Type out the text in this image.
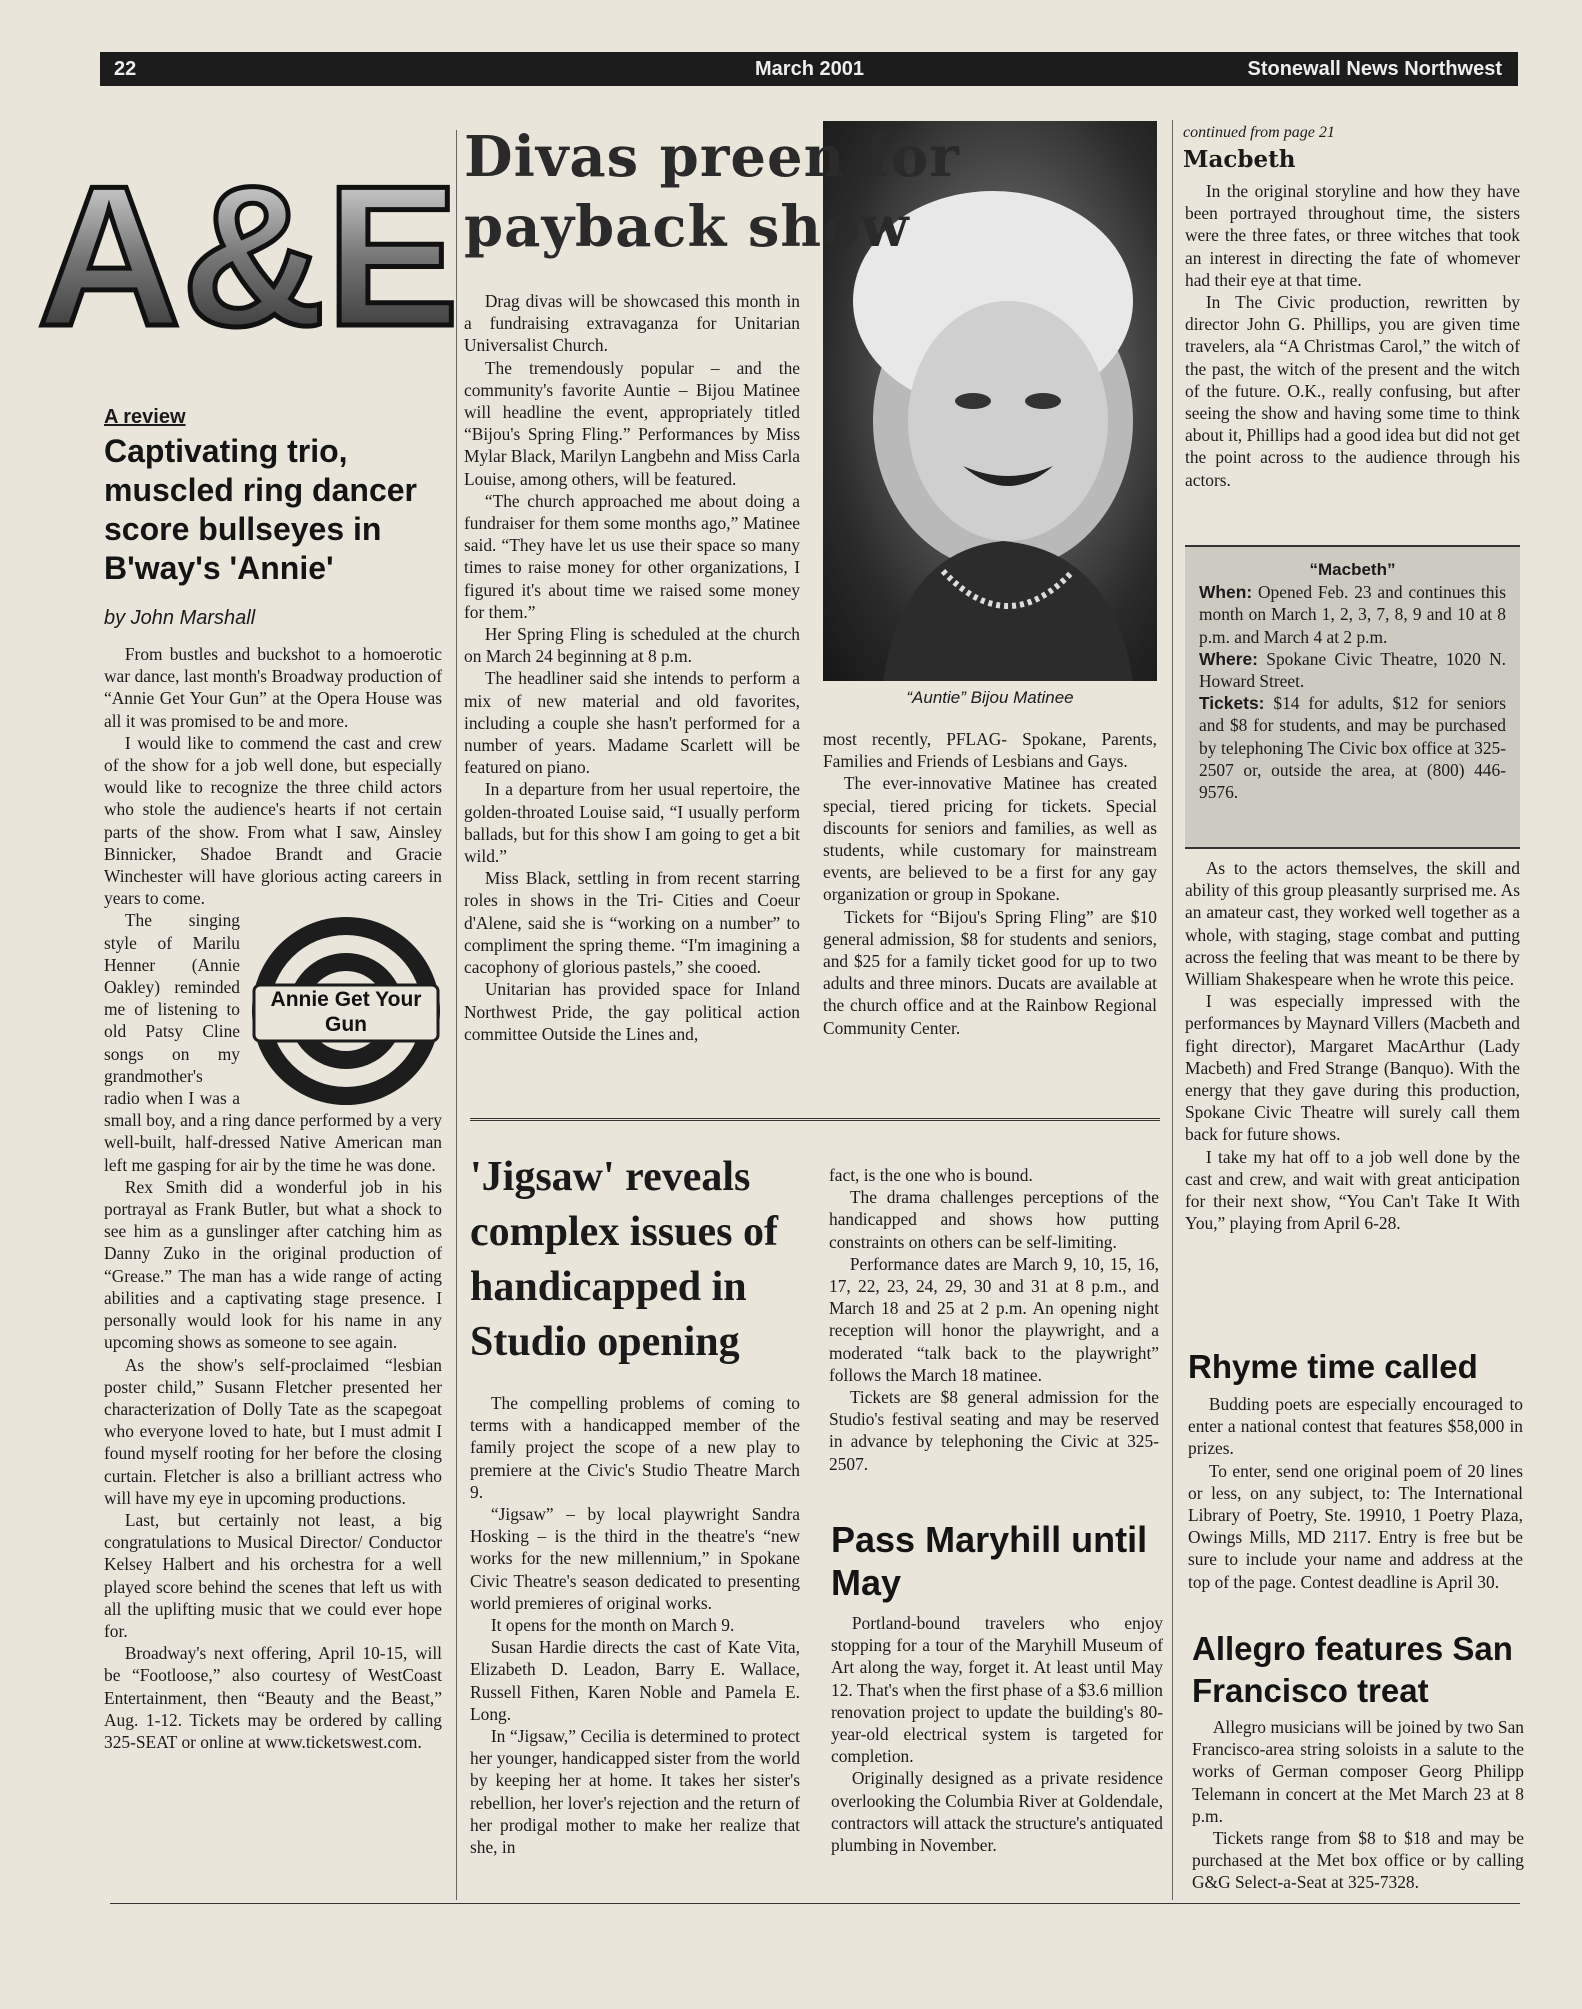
22	March 2001	Stonewall News Northwest
A&E
A review
Captivating trio, muscled ring dancer score bullseyes in B'way's 'Annie'
by John Marshall

From bustles and buckshot to a homoerotic war dance, last month's Broadway production of “Annie Get Your Gun” at the Opera House was all it was promised to be and more.

I would like to commend the cast and crew of the show for a job well done, but especially would like to recognize the three child actors who stole the audience's hearts if not certain parts of the show. From what I saw, Ainsley Binnicker, Shadoe Brandt and Gracie Winchester will have glorious acting careers in years to come.

Annie Get Your Gun

The singing style of Marilu Henner (Annie Oakley) reminded me of listening to old Patsy Cline songs on my grandmother's radio when I was a small boy, and a ring dance performed by a very well-built, half-dressed Native American man left me gasping for air by the time he was done.

Rex Smith did a wonderful job in his portrayal as Frank Butler, but what a shock to see him as a gunslinger after catching him as Danny Zuko in the original production of “Grease.” The man has a wide range of acting abilities and a captivating stage presence. I personally would look for his name in any upcoming shows as someone to see again.

As the show's self-proclaimed “lesbian poster child,” Susann Fletcher presented her characterization of Dolly Tate as the scapegoat who everyone loved to hate, but I must admit I found myself rooting for her before the closing curtain. Fletcher is also a brilliant actress who will have my eye in upcoming productions.

Last, but certainly not least, a big congratulations to Musical Director/ Conductor Kelsey Halbert and his orchestra for a well played score behind the scenes that left us with all the uplifting music that we could ever hope for.

Broadway's next offering, April 10-15, will be “Footloose,” also courtesy of WestCoast Entertainment, then “Beauty and the Beast,” Aug. 1-12. Tickets may be ordered by calling 325-SEAT or online at www.ticketswest.com.

Divas preen for payback show
“Auntie” Bijou Matinee

Drag divas will be showcased this month in a fundraising extravaganza for Unitarian Universalist Church.

The tremendously popular – and the community's favorite Auntie – Bijou Matinee will headline the event, appropriately titled “Bijou's Spring Fling.” Performances by Miss Mylar Black, Marilyn Langbehn and Miss Carla Louise, among others, will be featured.

“The church approached me about doing a fundraiser for them some months ago,” Matinee said. “They have let us use their space so many times to raise money for other organizations, I figured it's about time we raised some money for them.”

Her Spring Fling is scheduled at the church on March 24 beginning at 8 p.m.

The headliner said she intends to perform a mix of new material and old favorites, including a couple she hasn't performed for a number of years. Madame Scarlett will be featured on piano.

In a departure from her usual repertoire, the golden-throated Louise said, “I usually perform ballads, but for this show I am going to get a bit wild.”

Miss Black, settling in from recent starring roles in shows in the Tri- Cities and Coeur d'Alene, said she is “working on a number” to compliment the spring theme. “I'm imagining a cacophony of glorious pastels,” she cooed.

Unitarian has provided space for Inland Northwest Pride, the gay political action committee Outside the Lines and,

most recently, PFLAG- Spokane, Parents, Families and Friends of Lesbians and Gays.

The ever-innovative Matinee has created special, tiered pricing for tickets. Special discounts for seniors and families, as well as students, while customary for mainstream events, are believed to be a first for any gay organization or group in Spokane.

Tickets for “Bijou's Spring Fling” are $10 general admission, $8 for students and seniors, and $25 for a family ticket good for up to two adults and three minors. Ducats are available at the church office and at the Rainbow Regional Community Center.

'Jigsaw' reveals complex issues of handicapped in Studio opening

The compelling problems of coming to terms with a handicapped member of the family project the scope of a new play to premiere at the Civic's Studio Theatre March 9.

“Jigsaw” – by local playwright Sandra Hosking – is the third in the theatre's “new works for the new millennium,” in Spokane Civic Theatre's season dedicated to presenting world premieres of original works.

It opens for the month on March 9.

Susan Hardie directs the cast of Kate Vita, Elizabeth D. Leadon, Barry E. Wallace, Russell Fithen, Karen Noble and Pamela E. Long.

In “Jigsaw,” Cecilia is determined to protect her younger, handicapped sister from the world by keeping her at home. It takes her sister's rebellion, her lover's rejection and the return of her prodigal mother to make her realize that she, in

fact, is the one who is bound.

The drama challenges perceptions of the handicapped and shows how putting constraints on others can be self-limiting.

Performance dates are March 9, 10, 15, 16, 17, 22, 23, 24, 29, 30 and 31 at 8 p.m., and March 18 and 25 at 2 p.m. An opening night reception will honor the playwright, and a moderated “talk back to the playwright” follows the March 18 matinee.

Tickets are $8 general admission for the Studio's festival seating and may be reserved in advance by telephoning the Civic at 325-2507.

Pass Maryhill until May

Portland-bound travelers who enjoy stopping for a tour of the Maryhill Museum of Art along the way, forget it. At least until May 12. That's when the first phase of a $3.6 million renovation project to update the building's 80-year-old electrical system is targeted for completion.

Originally designed as a private residence overlooking the Columbia River at Goldendale, contractors will attack the structure's antiquated plumbing in November.

continued from page 21
Macbeth

In the original storyline and how they have been portrayed throughout time, the sisters were the three fates, or three witches that took an interest in directing the fate of whomever had their eye at that time.

In The Civic production, rewritten by director John G. Phillips, you are given time travelers, ala “A Christmas Carol,” the witch of the past, the witch of the present and the witch of the future. O.K., really confusing, but after seeing the show and having some time to think about it, Phillips had a good idea but did not get the point across to the audience through his actors.

“Macbeth”
When: Opened Feb. 23 and continues this month on March 1, 2, 3, 7, 8, 9 and 10 at 8 p.m. and March 4 at 2 p.m.
Where: Spokane Civic Theatre, 1020 N. Howard Street.
Tickets: $14 for adults, $12 for seniors and $8 for students, and may be purchased by telephoning The Civic box office at 325-2507 or, outside the area, at (800) 446-9576.

As to the actors themselves, the skill and ability of this group pleasantly surprised me. As an amateur cast, they worked well together as a whole, with staging, stage combat and putting across the feeling that was meant to be there by William Shakespeare when he wrote this peice.

I was especially impressed with the performances by Maynard Villers (Macbeth and fight director), Margaret MacArthur (Lady Macbeth) and Fred Strange (Banquo). With the energy that they gave during this production, Spokane Civic Theatre will surely call them back for future shows.

I take my hat off to a job well done by the cast and crew, and wait with great anticipation for their next show, “You Can't Take It With You,” playing from April 6-28.

Rhyme time called

Budding poets are especially encouraged to enter a national contest that features $58,000 in prizes.

To enter, send one original poem of 20 lines or less, on any subject, to: The International Library of Poetry, Ste. 19910, 1 Poetry Plaza, Owings Mills, MD 2117. Entry is free but be sure to include your name and address at the top of the page. Contest deadline is April 30.

Allegro features San Francisco treat

Allegro musicians will be joined by two San Francisco-area string soloists in a salute to the works of German composer Georg Philipp Telemann in concert at the Met March 23 at 8 p.m.

Tickets range from $8 to $18 and may be purchased at the Met box office or by calling G&G Select-a-Seat at 325-7328.
